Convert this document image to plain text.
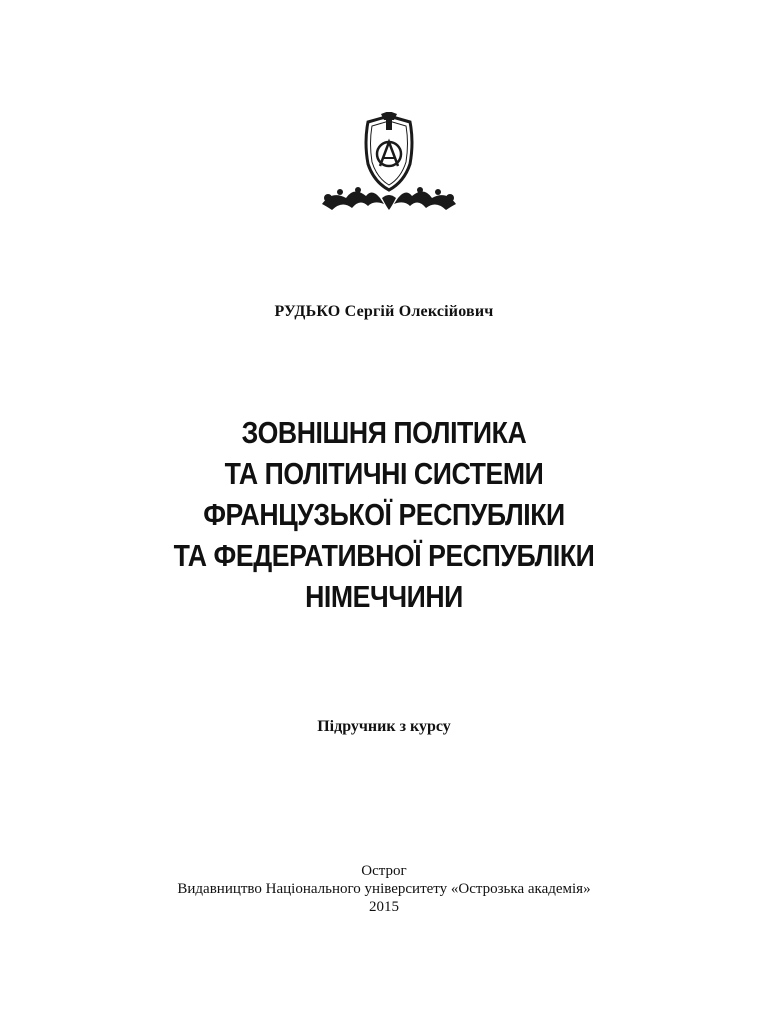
РУДЬКО Сергій Олексійович
ЗОВНІШНЯ ПОЛІТИКА
ТА ПОЛІТИЧНІ СИСТЕМИ
ФРАНЦУЗЬКОЇ РЕСПУБЛІКИ
ТА ФЕДЕРАТИВНОЇ РЕСПУБЛІКИ
НІМЕЧЧИНИ
Підручник з курсу
Острог
Видавництво Національного університету «Острозька академія»
2015
